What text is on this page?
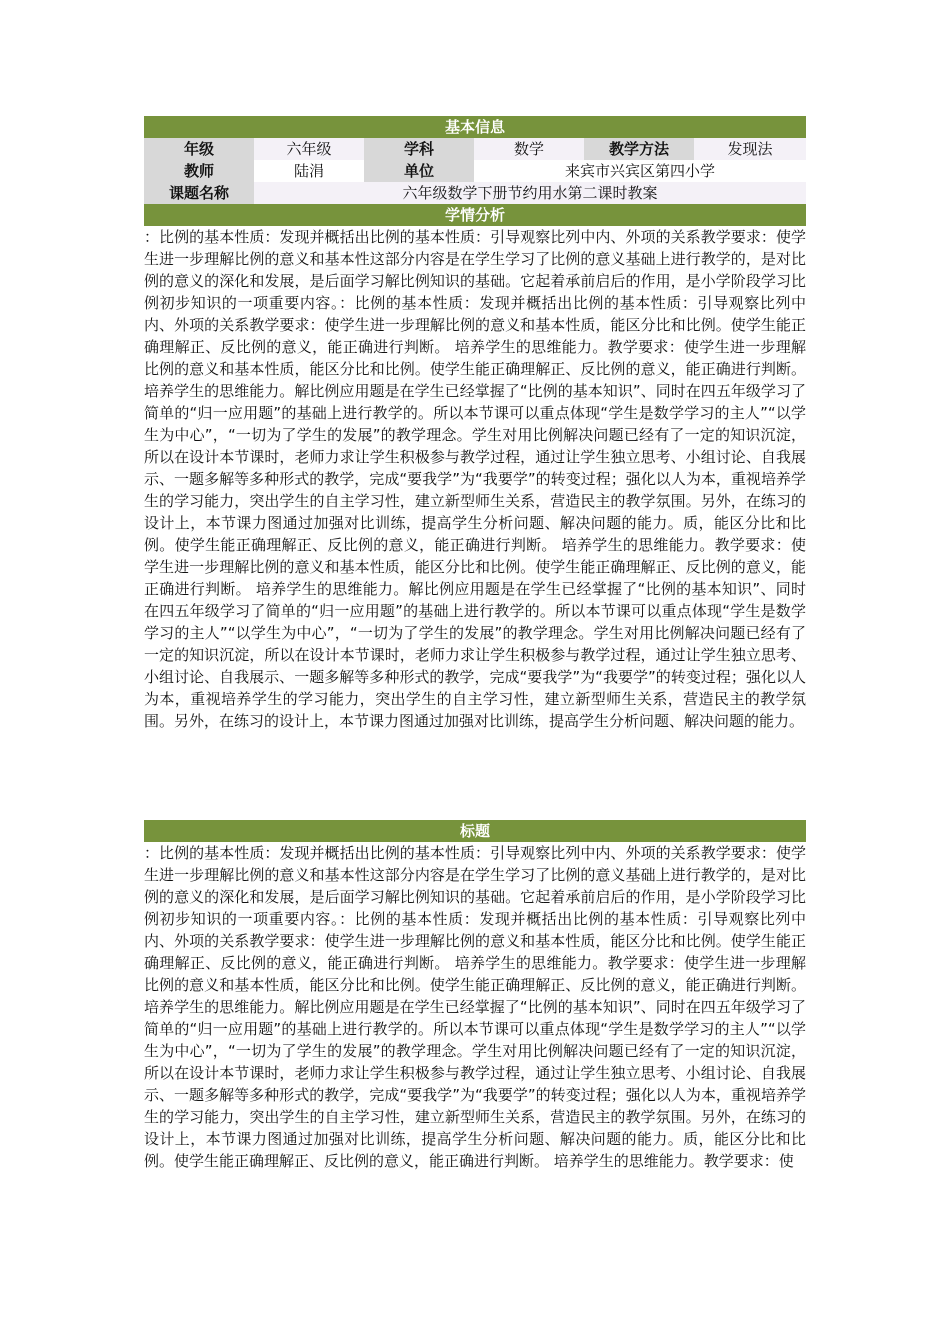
基本信息
年级	六年级	学科	数学	教学方法	发现法
教师	陆涓	单位	来宾市兴宾区第四小学		
课题名称	六年级数学下册节约用水第二课时教案				
学情分析
：比例的基本性质：发现并概括出比例的基本性质：引导观察比列中内、外项的关系教学要求：使学生进一步理解比例的意义和基本性这部分内容是在学生学习了比例的意义基础上进行教学的，是对比例的意义的深化和发展，是后面学习解比例知识的基础。它起着承前启后的作用，是小学阶段学习比例初步知识的一项重要内容。：比例的基本性质：发现并概括出比例的基本性质：引导观察比列中内、外项的关系教学要求：使学生进一步理解比例的意义和基本性质，能区分比和比例。使学生能正确理解正、反比例的意义，能正确进行判断。 培养学生的思维能力。教学要求：使学生进一步理解比例的意义和基本性质，能区分比和比例。使学生能正确理解正、反比例的意义，能正确进行判断。 培养学生的思维能力。解比例应用题是在学生已经掌握了“比例的基本知识”、同时在四五年级学习了简单的“归一应用题”的基础上进行教学的。所以本节课可以重点体现“学生是数学学习的主人”“以学生为中心”，“一切为了学生的发展”的教学理念。学生对用比例解决问题已经有了一定的知识沉淀，所以在设计本节课时，老师力求让学生积极参与教学过程，通过让学生独立思考、小组讨论、自我展示、一题多解等多种形式的教学，完成“要我学”为“我要学”的转变过程；强化以人为本，重视培养学生的学习能力，突出学生的自主学习性，建立新型师生关系，营造民主的教学氛围。另外，在练习的设计上，本节课力图通过加强对比训练，提高学生分析问题、解决问题的能力。质，能区分比和比例。使学生能正确理解正、反比例的意义，能正确进行判断。 培养学生的思维能力。教学要求：使学生进一步理解比例的意义和基本性质，能区分比和比例。使学生能正确理解正、反比例的意义，能正确进行判断。 培养学生的思维能力。解比例应用题是在学生已经掌握了“比例的基本知识”、同时在四五年级学习了简单的“归一应用题”的基础上进行教学的。所以本节课可以重点体现“学生是数学学习的主人”“以学生为中心”，“一切为了学生的发展”的教学理念。学生对用比例解决问题已经有了一定的知识沉淀，所以在设计本节课时，老师力求让学生积极参与教学过程，通过让学生独立思考、小组讨论、自我展示、一题多解等多种形式的教学，完成“要我学”为“我要学”的转变过程；强化以人为本，重视培养学生的学习能力，突出学生的自主学习性，建立新型师生关系，营造民主的教学氛围。另外，在练习的设计上，本节课力图通过加强对比训练，提高学生分析问题、解决问题的能力。
标题
：比例的基本性质：发现并概括出比例的基本性质：引导观察比列中内、外项的关系教学要求：使学生进一步理解比例的意义和基本性这部分内容是在学生学习了比例的意义基础上进行教学的，是对比例的意义的深化和发展，是后面学习解比例知识的基础。它起着承前启后的作用，是小学阶段学习比例初步知识的一项重要内容。：比例的基本性质：发现并概括出比例的基本性质：引导观察比列中内、外项的关系教学要求：使学生进一步理解比例的意义和基本性质，能区分比和比例。使学生能正确理解正、反比例的意义，能正确进行判断。 培养学生的思维能力。教学要求：使学生进一步理解比例的意义和基本性质，能区分比和比例。使学生能正确理解正、反比例的意义，能正确进行判断。 培养学生的思维能力。解比例应用题是在学生已经掌握了“比例的基本知识”、同时在四五年级学习了简单的“归一应用题”的基础上进行教学的。所以本节课可以重点体现“学生是数学学习的主人”“以学生为中心”，“一切为了学生的发展”的教学理念。学生对用比例解决问题已经有了一定的知识沉淀，所以在设计本节课时，老师力求让学生积极参与教学过程，通过让学生独立思考、小组讨论、自我展示、一题多解等多种形式的教学，完成“要我学”为“我要学”的转变过程；强化以人为本，重视培养学生的学习能力，突出学生的自主学习性，建立新型师生关系，营造民主的教学氛围。另外，在练习的设计上，本节课力图通过加强对比训练，提高学生分析问题、解决问题的能力。质，能区分比和比例。使学生能正确理解正、反比例的意义，能正确进行判断。 培养学生的思维能力。教学要求：使
